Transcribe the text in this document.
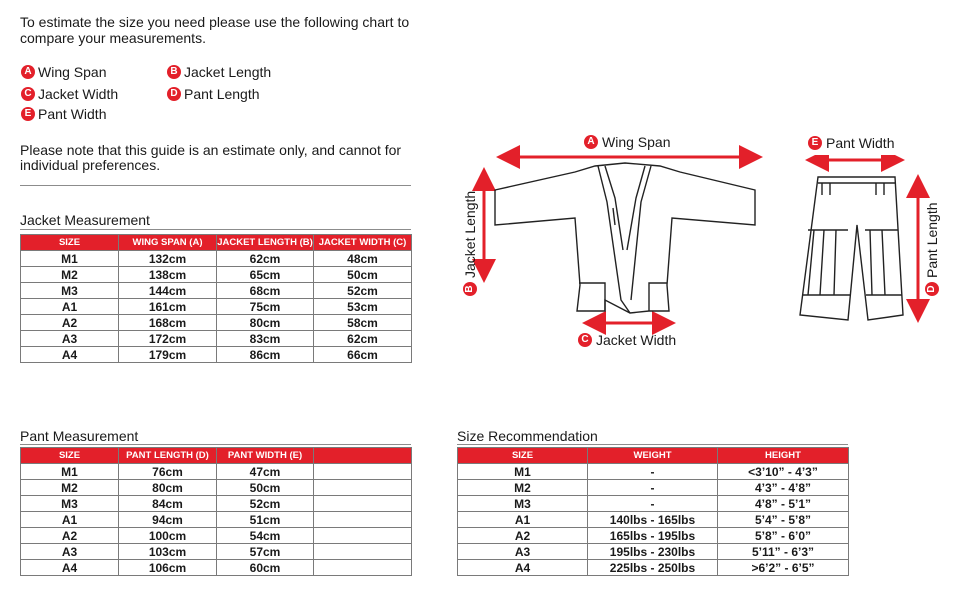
To estimate the size you need please use the following chart to compare your measurements.
A Wing Span	B Jacket Length
C Jacket Width	D Pant Length
E Pant Width
Please note that this guide is an estimate only, and cannot for individual preferences.
Jacket Measurement
SIZE	WING SPAN (A)	JACKET LENGTH (B)	JACKET WIDTH (C)
M1	132cm	62cm	48cm
M2	138cm	65cm	50cm
M3	144cm	68cm	52cm
A1	161cm	75cm	53cm
A2	168cm	80cm	58cm
A3	172cm	83cm	62cm
A4	179cm	86cm	66cm
Pant Measurement
SIZE	PANT LENGTH (D)	PANT WIDTH (E)	
M1	76cm	47cm	
M2	80cm	50cm	
M3	84cm	52cm	
A1	94cm	51cm	
A2	100cm	54cm	
A3	103cm	57cm	
A4	106cm	60cm	
Size Recommendation
SIZE	WEIGHT	HEIGHT
M1	-	<3’10” - 4’3”
M2	-	4’3” - 4’8”
M3	-	4’8” - 5’1”
A1	140lbs - 165lbs	5’4” - 5’8”
A2	165lbs - 195lbs	5’8” - 6’0”
A3	195lbs - 230lbs	5’11” - 6’3”
A4	225lbs - 250lbs	>6’2” - 6’5”
A Wing Span
C Jacket Width
E Pant Width
B
Jacket Length
D
Pant Length
